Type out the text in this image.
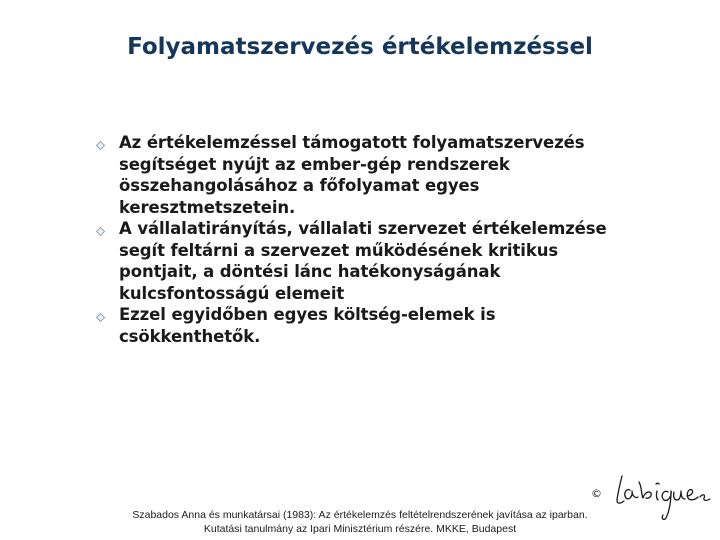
Folyamatszervezés értékelemzéssel
Az értékelemzéssel támogatott folyamatszervezés segítséget nyújt az ember-gép rendszerek összehangolásához a főfolyamat egyes keresztmetszetein.
A vállalatirányítás, vállalati szervezet értékelemzése segít feltárni a szervezet működésének kritikus pontjait, a döntési lánc hatékonyságának kulcsfontosságú elemeit
Ezzel egyidőben egyes költség-elemek is csökkenthetők.
©
Szabados Anna és munkatársai (1983): Az értékelemzés feltételrendszerének javítása az iparban.
Kutatási tanulmány az Ipari Minisztérium részére. MKKE, Budapest
